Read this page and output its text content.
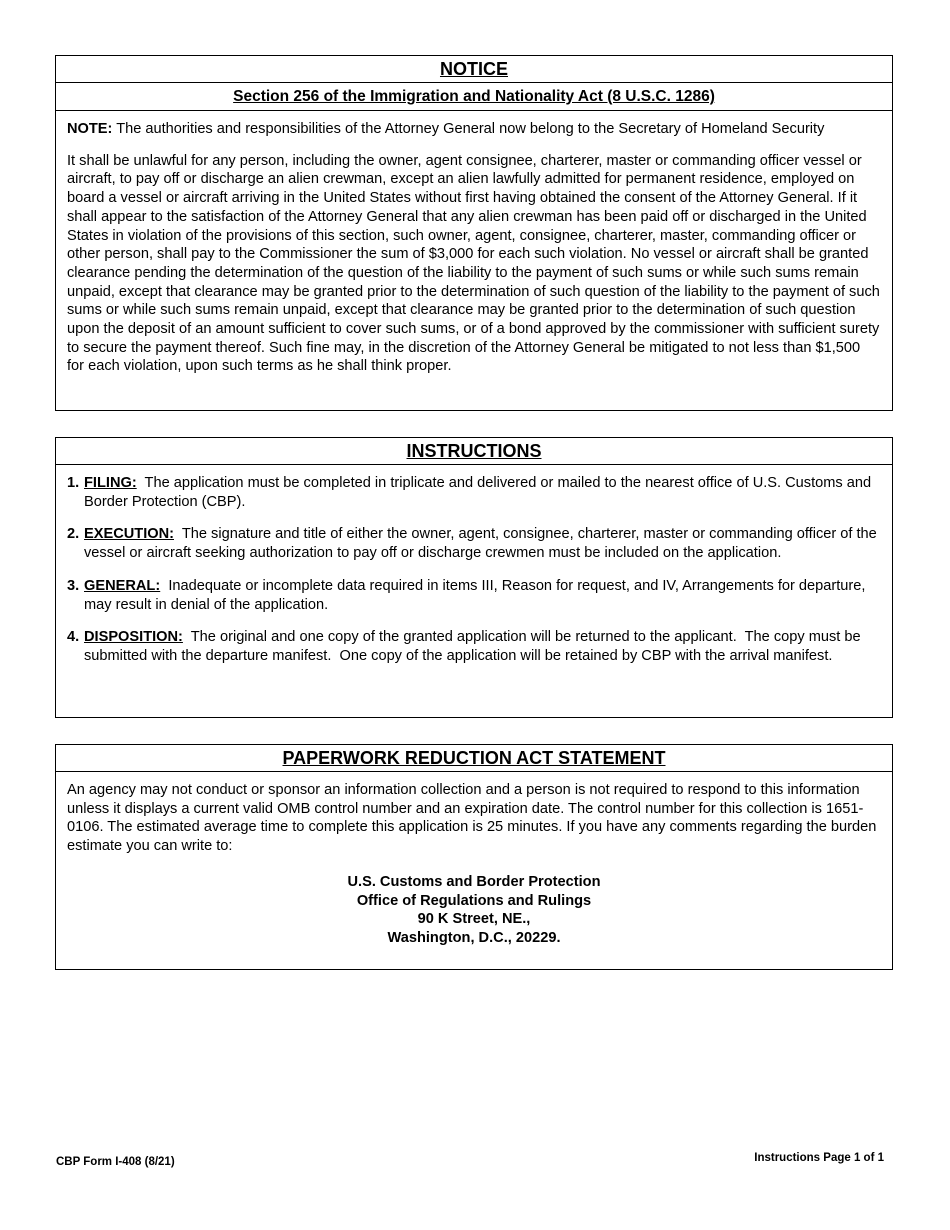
NOTICE
Section 256 of the Immigration and Nationality Act (8 U.S.C. 1286)
NOTE: The authorities and responsibilities of the Attorney General now belong to the Secretary of Homeland Security

It shall be unlawful for any person, including the owner, agent consignee, charterer, master or commanding officer vessel or aircraft, to pay off or discharge an alien crewman, except an alien lawfully admitted for permanent residence, employed on board a vessel or aircraft arriving in the United States without first having obtained the consent of the Attorney General. If it shall appear to the satisfaction of the Attorney General that any alien crewman has been paid off or discharged in the United States in violation of the provisions of this section, such owner, agent, consignee, charterer, master, commanding officer or other person, shall pay to the Commissioner the sum of $3,000 for each such violation. No vessel or aircraft shall be granted clearance pending the determination of the question of the liability to the payment of such sums or while such sums remain unpaid, except that clearance may be granted prior to the determination of such question of the liability to the payment of such sums or while such sums remain unpaid, except that clearance may be granted prior to the determination of such question upon the deposit of an amount sufficient to cover such sums, or of a bond approved by the commissioner with sufficient surety to secure the payment thereof. Such fine may, in the discretion of the Attorney General be mitigated to not less than $1,500 for each violation, upon such terms as he shall think proper.

INSTRUCTIONS
1. FILING:  The application must be completed in triplicate and delivered or mailed to the nearest office of U.S. Customs and Border Protection (CBP).
2. EXECUTION:  The signature and title of either the owner, agent, consignee, charterer, master or commanding officer of the vessel or aircraft seeking authorization to pay off or discharge crewmen must be included on the application.
3. GENERAL:  Inadequate or incomplete data required in items III, Reason for request, and IV, Arrangements for departure, may result in denial of the application.
4. DISPOSITION:  The original and one copy of the granted application will be returned to the applicant.  The copy must be submitted with the departure manifest.  One copy of the application will be retained by CBP with the arrival manifest.
PAPERWORK REDUCTION ACT STATEMENT

An agency may not conduct or sponsor an information collection and a person is not required to respond to this information unless it displays a current valid OMB control number and an expiration date. The control number for this collection is 1651-0106. The estimated average time to complete this application is 25 minutes. If you have any comments regarding the burden estimate you can write to:

U.S. Customs and Border Protection
Office of Regulations and Rulings
90 K Street, NE.,
Washington, D.C., 20229.
CBP Form I-408 (8/21)	Instructions Page 1 of 1
